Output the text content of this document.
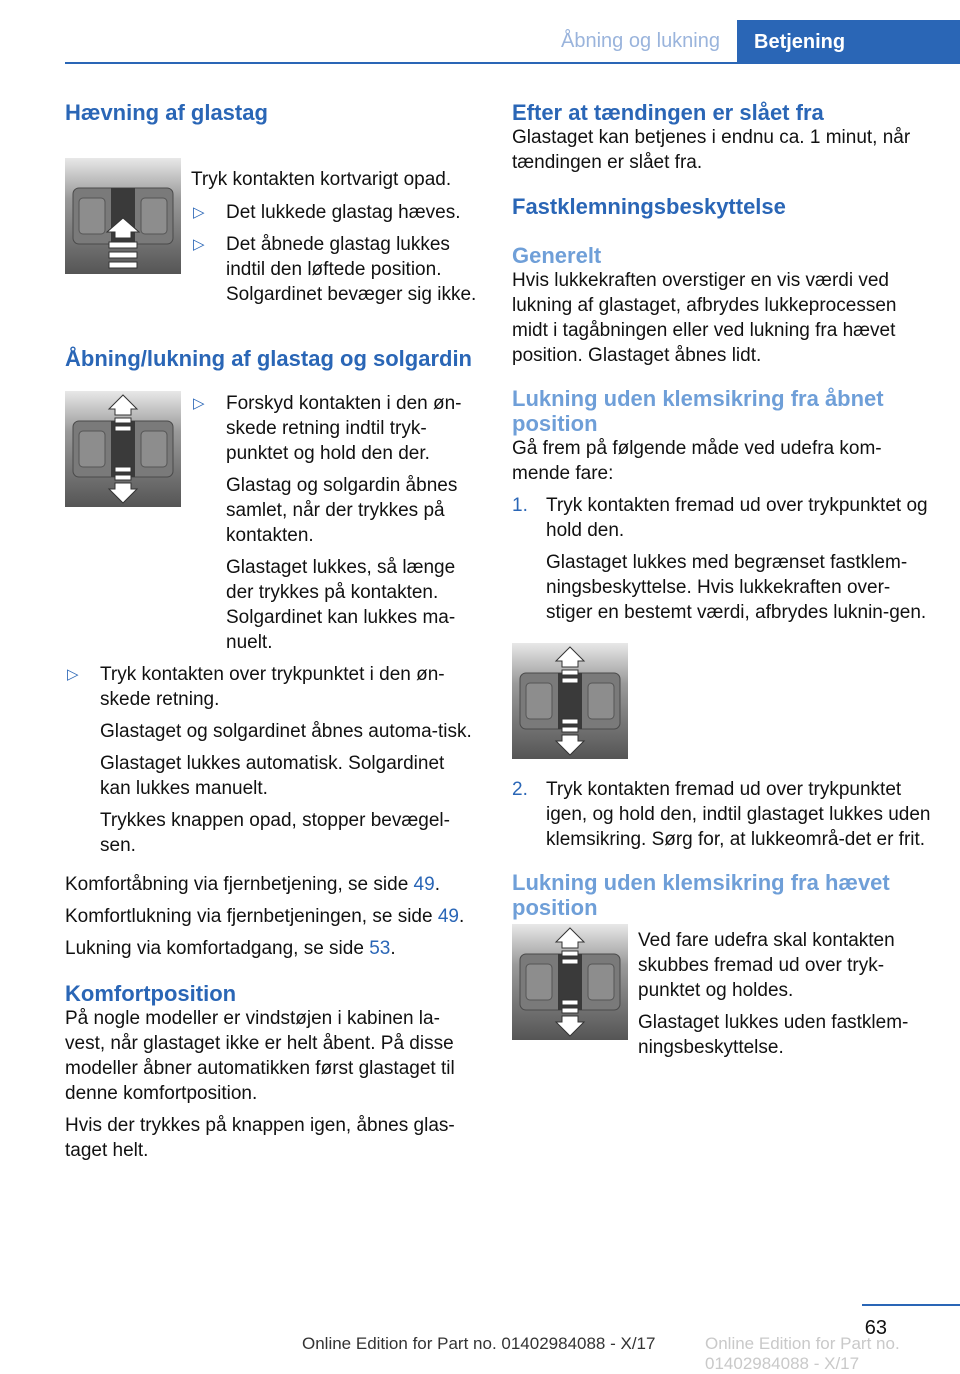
Åbning og lukning	Betjening
Hævning af glastag
Tryk kontakten kortvarigt opad.
▷ Det lukkede glastag hæves.
▷ Det åbnede glastag lukkes indtil den løftede position. Solgardinet bevæger sig ikke.
Åbning/lukning af glastag og solgardin
▷ Forskyd kontakten i den øn-skede retning indtil tryk-punktet og hold den der.

Glastag og solgardin åbnes samlet, når der trykkes på kontakten.

Glastaget lukkes, så længe der trykkes på kontakten. Solgardinet kan lukkes ma-nuelt.

▷ Tryk kontakten over trykpunktet i den øn-skede retning.

Glastaget og solgardinet åbnes automa-tisk.

Glastaget lukkes automatisk. Solgardinet kan lukkes manuelt.

Trykkes knappen opad, stopper bevægel-sen.

Komfortåbning via fjernbetjening, se side 49.

Komfortlukning via fjernbetjeningen, se side 49.

Lukning via komfortadgang, se side 53.

Komfortposition

På nogle modeller er vindstøjen i kabinen la-vest, når glastaget ikke er helt åbent. På disse modeller åbner automatikken først glastaget til denne komfortposition.

Hvis der trykkes på knappen igen, åbnes glas-taget helt.

Efter at tændingen er slået fra

Glastaget kan betjenes i endnu ca. 1 minut, når tændingen er slået fra.

Fastklemningsbeskyttelse
Generelt

Hvis lukkekraften overstiger en vis værdi ved lukning af glastaget, afbrydes lukkeprocessen midt i tagåbningen eller ved lukning fra hævet position. Glastaget åbnes lidt.

Lukning uden klemsikring fra åbnet position

Gå frem på følgende måde ved udefra kom-mende fare:

1. Tryk kontakten fremad ud over trykpunktet og hold den.

Glastaget lukkes med begrænset fastklem-ningsbeskyttelse. Hvis lukkekraften over-stiger en bestemt værdi, afbrydes luknin-gen.

2. Tryk kontakten fremad ud over trykpunktet igen, og hold den, indtil glastaget lukkes uden klemsikring. Sørg for, at lukkeområ-det er frit.
Lukning uden klemsikring fra hævet position

Ved fare udefra skal kontakten skubbes fremad ud over tryk-punktet og holdes.

Glastaget lukkes uden fastklem-ningsbeskyttelse.

63
Online Edition for Part no. 01402984088 - X/17	Online Edition for Part no. 01402984088 - X/17
